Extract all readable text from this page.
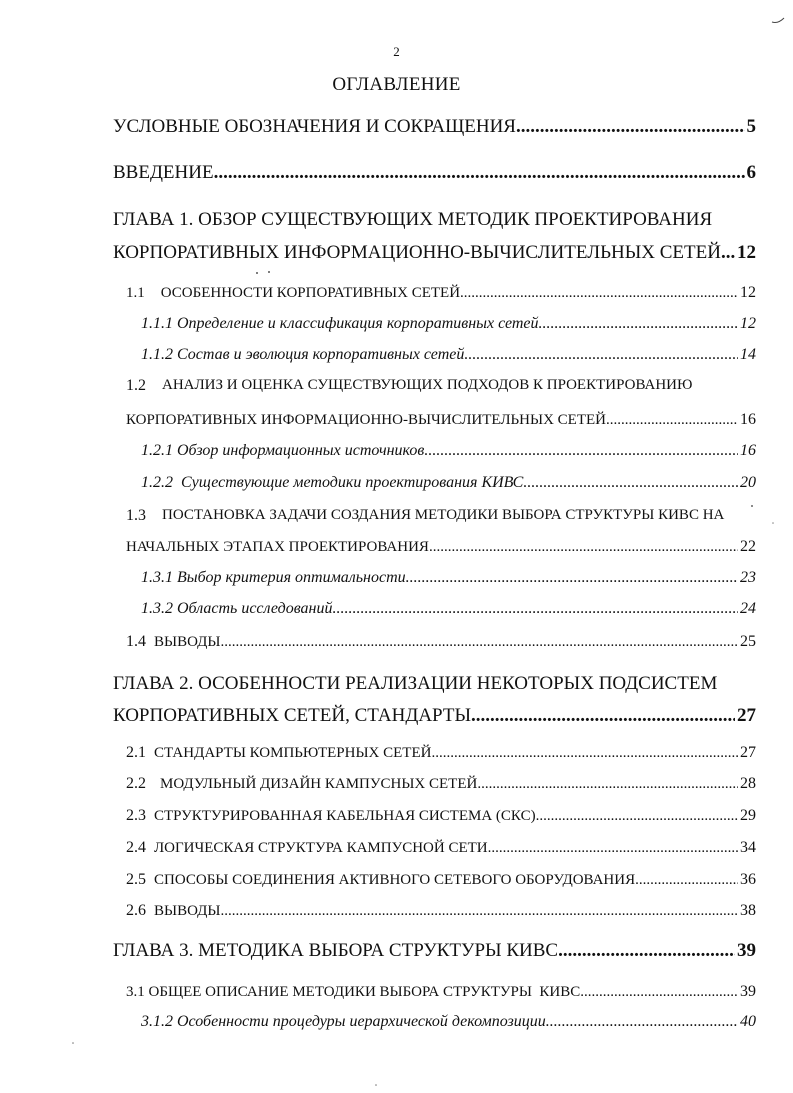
2
ОГЛАВЛЕНИЕ
УСЛОВНЫЕ ОБОЗНАЧЕНИЯ И СОКРАЩЕНИЯ .....	5
ВВЕДЕНИЕ .....	6
ГЛАВА 1. ОБЗОР СУЩЕСТВУЮЩИХ МЕТОДИК ПРОЕКТИРОВАНИЯ
КОРПОРАТИВНЫХ ИНФОРМАЦИОННО-ВЫЧИСЛИТЕЛЬНЫХ СЕТЕЙ ..... 12
1.1 ОСОБЕННОСТИ КОРПОРАТИВНЫХ СЕТЕЙ .....	12
1.1.1 Определение и классификация корпоративных сетей .....	12
1.1.2 Состав и эволюция корпоративных сетей .....	14
1.2 АНАЛИЗ И ОЦЕНКА СУЩЕСТВУЮЩИХ ПОДХОДОВ К ПРОЕКТИРОВАНИЮ
КОРПОРАТИВНЫХ ИНФОРМАЦИОННО-ВЫЧИСЛИТЕЛЬНЫХ СЕТЕЙ .....	16
1.2.1 Обзор информационных источников .....	16
1.2.2  Существующие методики проектирования КИВС .....	20
1.3 ПОСТАНОВКА ЗАДАЧИ СОЗДАНИЯ МЕТОДИКИ ВЫБОРА СТРУКТУРЫ КИВС НА
НАЧАЛЬНЫХ ЭТАПАХ ПРОЕКТИРОВАНИЯ .....	22
1.3.1 Выбор критерия оптимальности .....	23
1.3.2 Область исследований .....	24
1.4 ВЫВОДЫ .....	25
ГЛАВА 2. ОСОБЕННОСТИ РЕАЛИЗАЦИИ НЕКОТОРЫХ ПОДСИСТЕМ
КОРПОРАТИВНЫХ СЕТЕЙ, СТАНДАРТЫ .....	27
2.1 СТАНДАРТЫ КОМПЬЮТЕРНЫХ СЕТЕЙ .....	27
2.2 МОДУЛЬНЫЙ ДИЗАЙН КАМПУСНЫХ СЕТЕЙ .....	28
2.3 СТРУКТУРИРОВАННАЯ КАБЕЛЬНАЯ СИСТЕМА (СКС) .....	29
2.4 ЛОГИЧЕСКАЯ СТРУКТУРА КАМПУСНОЙ СЕТИ .....	34
2.5 СПОСОБЫ СОЕДИНЕНИЯ АКТИВНОГО СЕТЕВОГО ОБОРУДОВАНИЯ .....	36
2.6 ВЫВОДЫ .....	38
ГЛАВА 3. МЕТОДИКА ВЫБОРА СТРУКТУРЫ КИВС .....	39
3.1 ОБЩЕЕ ОПИСАНИЕ МЕТОДИКИ ВЫБОРА СТРУКТУРЫ  КИВС .....	39
3.1.2 Особенности процедуры иерархической декомпозиции .....	40
